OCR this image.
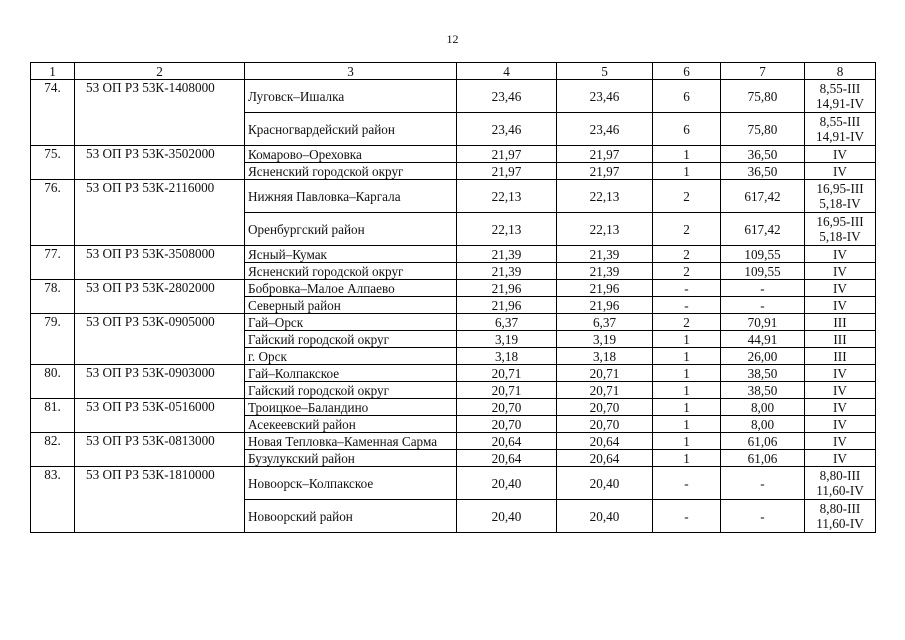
12
1	2	3	4	5	6	7	8
74.	53 ОП РЗ 53К-1408000	Луговск–Ишалка	23,46	23,46	6	75,80	8,55-III
14,91-IV

		Красногвардейский район	23,46	23,46	6	75,80	8,55-III
14,91-IV

75.	53 ОП РЗ 53К-3502000	Комарово–Ореховка	21,97	21,97	1	36,50	IV

		Ясненский городской округ	21,97	21,97	1	36,50	IV

76.	53 ОП РЗ 53К-2116000	Нижняя Павловка–Каргала	22,13	22,13	2	617,42	16,95-III
5,18-IV

		Оренбургский район	22,13	22,13	2	617,42	16,95-III
5,18-IV

77.	53 ОП РЗ 53К-3508000	Ясный–Кумак	21,39	21,39	2	109,55	IV

		Ясненский городской округ	21,39	21,39	2	109,55	IV

78.	53 ОП РЗ 53К-2802000	Бобровка–Малое Алпаево	21,96	21,96	-	-	IV

		Северный район	21,96	21,96	-	-	IV

79.	53 ОП РЗ 53К-0905000	Гай–Орск	6,37	6,37	2	70,91	III

		Гайский городской округ	3,19	3,19	1	44,91	III

		г. Орск	3,18	3,18	1	26,00	III

80.	53 ОП РЗ 53К-0903000	Гай–Колпакское	20,71	20,71	1	38,50	IV

		Гайский городской округ	20,71	20,71	1	38,50	IV

81.	53 ОП РЗ 53К-0516000	Троицкое–Баландино	20,70	20,70	1	8,00	IV

		Асекеевский район	20,70	20,70	1	8,00	IV

82.	53 ОП РЗ 53К-0813000	Новая Тепловка–Каменная Сарма	20,64	20,64	1	61,06	IV

		Бузулукский район	20,64	20,64	1	61,06	IV

83.	53 ОП РЗ 53К-1810000	Новоорск–Колпакское	20,40	20,40	-	-	8,80-III
11,60-IV

		Новоорский район	20,40	20,40	-	-	8,80-III
11,60-IV
